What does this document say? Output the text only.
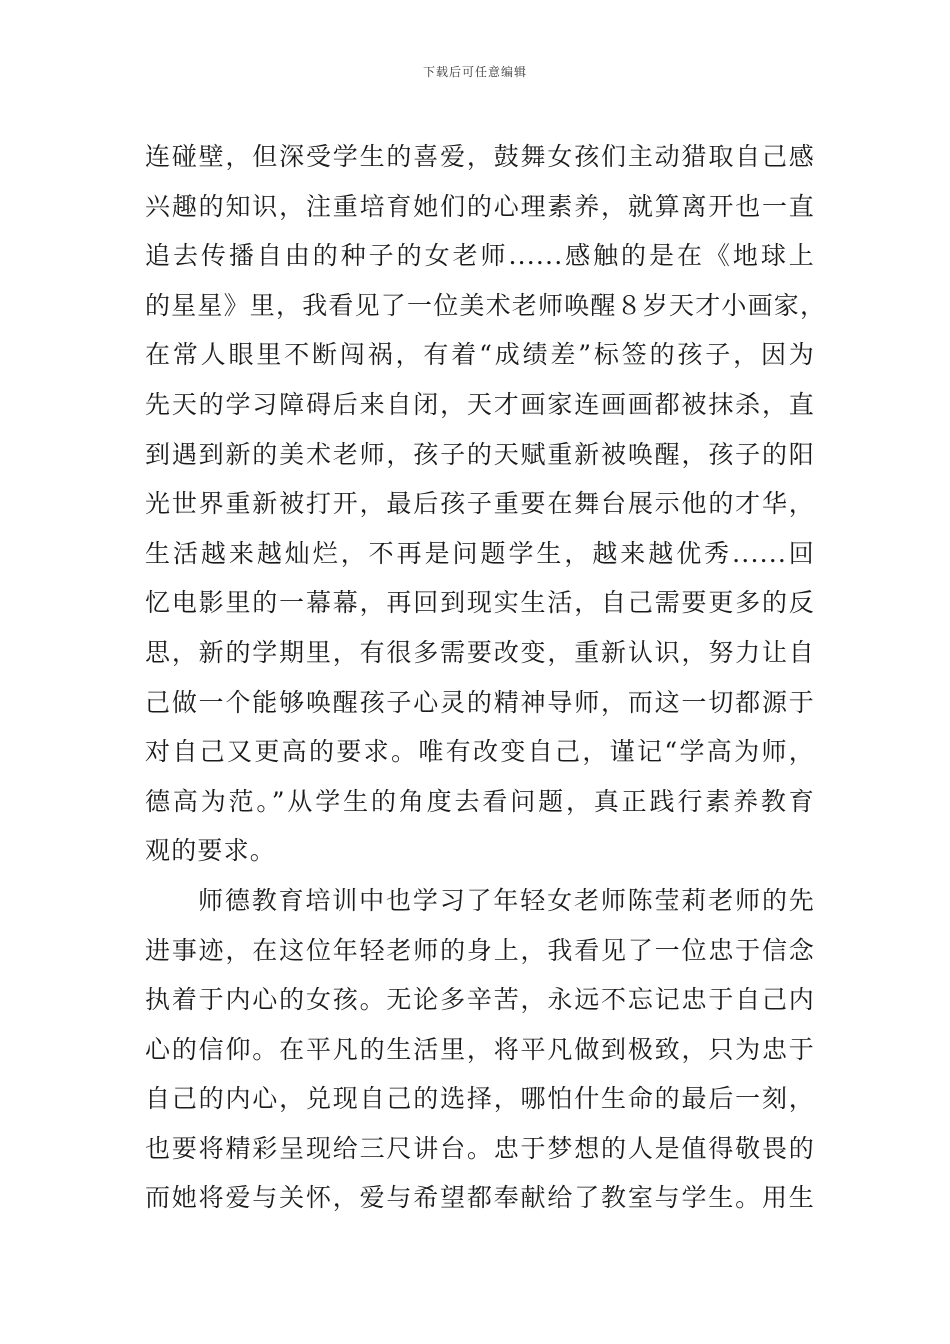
下载后可任意编辑
连碰壁，但深受学生的喜爱，鼓舞女孩们主动猎取自己感
兴趣的知识，注重培育她们的心理素养，就算离开也一直
追去传播自由的种子的女老师......感触的是在《地球上
的星星》里，我看见了一位美术老师唤醒８岁天才小画家，
在常人眼里不断闯祸，有着“成绩差”标签的孩子，因为
先天的学习障碍后来自闭，天才画家连画画都被抹杀，直
到遇到新的美术老师，孩子的天赋重新被唤醒，孩子的阳
光世界重新被打开，最后孩子重要在舞台展示他的才华，
生活越来越灿烂，不再是问题学生，越来越优秀......回
忆电影里的一幕幕，再回到现实生活，自己需要更多的反
思，新的学期里，有很多需要改变，重新认识，努力让自
己做一个能够唤醒孩子心灵的精神导师，而这一切都源于
对自己又更高的要求。唯有改变自己，谨记“学高为师，
德高为范。”从学生的角度去看问题，真正践行素养教育
观的要求。
师德教育培训中也学习了年轻女老师陈莹莉老师的先
进事迹，在这位年轻老师的身上，我看见了一位忠于信念
执着于内心的女孩。无论多辛苦，永远不忘记忠于自己内
心的信仰。在平凡的生活里，将平凡做到极致，只为忠于
自己的内心，兑现自己的选择，哪怕什生命的最后一刻，
也要将精彩呈现给三尺讲台。忠于梦想的人是值得敬畏的
而她将爱与关怀，爱与希望都奉献给了教室与学生。用生
